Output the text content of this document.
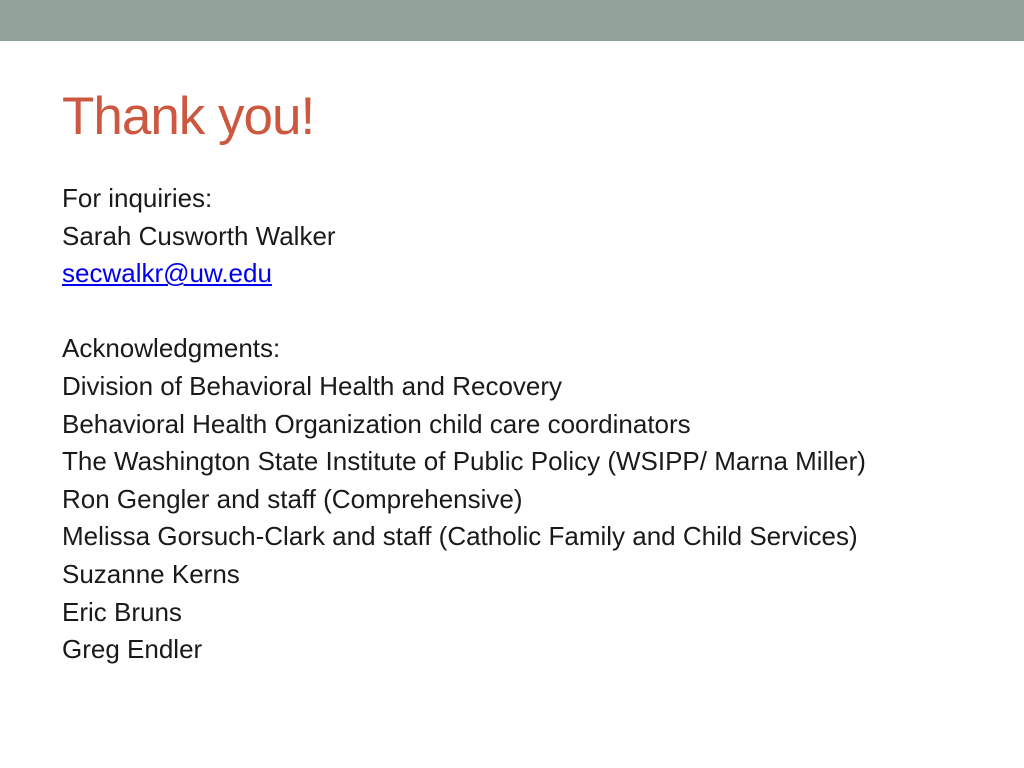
Thank you!
For inquiries:
Sarah Cusworth Walker
secwalkr@uw.edu
Acknowledgments:
Division of Behavioral Health and Recovery
Behavioral Health Organization child care coordinators
The Washington State Institute of Public Policy (WSIPP/ Marna Miller)
Ron Gengler and staff (Comprehensive)
Melissa Gorsuch-Clark and staff (Catholic Family and Child Services)
Suzanne Kerns
Eric Bruns
Greg Endler
